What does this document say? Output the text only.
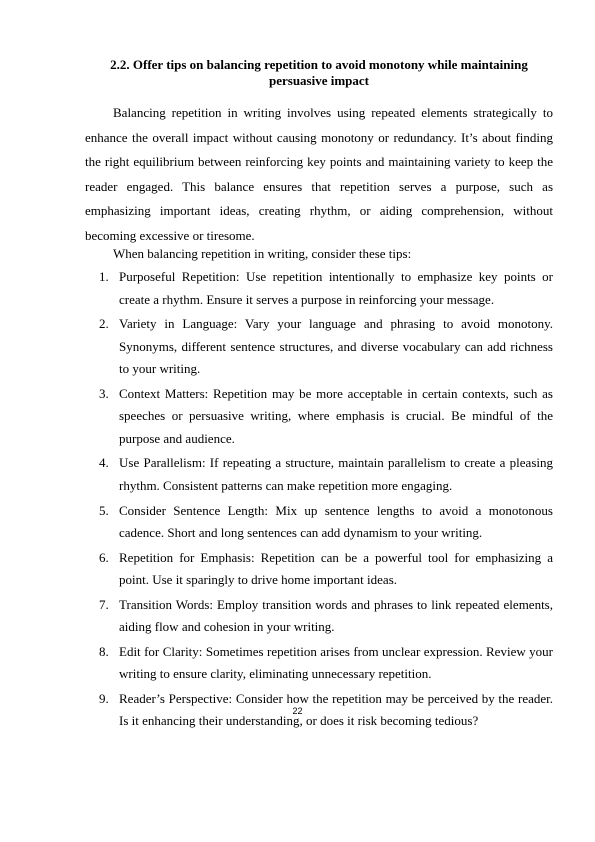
2.2. Offer tips on balancing repetition to avoid monotony while maintaining persuasive impact
Balancing repetition in writing involves using repeated elements strategically to enhance the overall impact without causing monotony or redundancy. It’s about finding the right equilibrium between reinforcing key points and maintaining variety to keep the reader engaged. This balance ensures that repetition serves a purpose, such as emphasizing important ideas, creating rhythm, or aiding comprehension, without becoming excessive or tiresome.
When balancing repetition in writing, consider these tips:
1. Purposeful Repetition: Use repetition intentionally to emphasize key points or create a rhythm. Ensure it serves a purpose in reinforcing your message.
2. Variety in Language: Vary your language and phrasing to avoid monotony. Synonyms, different sentence structures, and diverse vocabulary can add richness to your writing.
3. Context Matters: Repetition may be more acceptable in certain contexts, such as speeches or persuasive writing, where emphasis is crucial. Be mindful of the purpose and audience.
4. Use Parallelism: If repeating a structure, maintain parallelism to create a pleasing rhythm. Consistent patterns can make repetition more engaging.
5. Consider Sentence Length: Mix up sentence lengths to avoid a monotonous cadence. Short and long sentences can add dynamism to your writing.
6. Repetition for Emphasis: Repetition can be a powerful tool for emphasizing a point. Use it sparingly to drive home important ideas.
7. Transition Words: Employ transition words and phrases to link repeated elements, aiding flow and cohesion in your writing.
8. Edit for Clarity: Sometimes repetition arises from unclear expression. Review your writing to ensure clarity, eliminating unnecessary repetition.
9. Reader’s Perspective: Consider how the repetition may be perceived by the reader. Is it enhancing their understanding, or does it risk becoming tedious?
22
